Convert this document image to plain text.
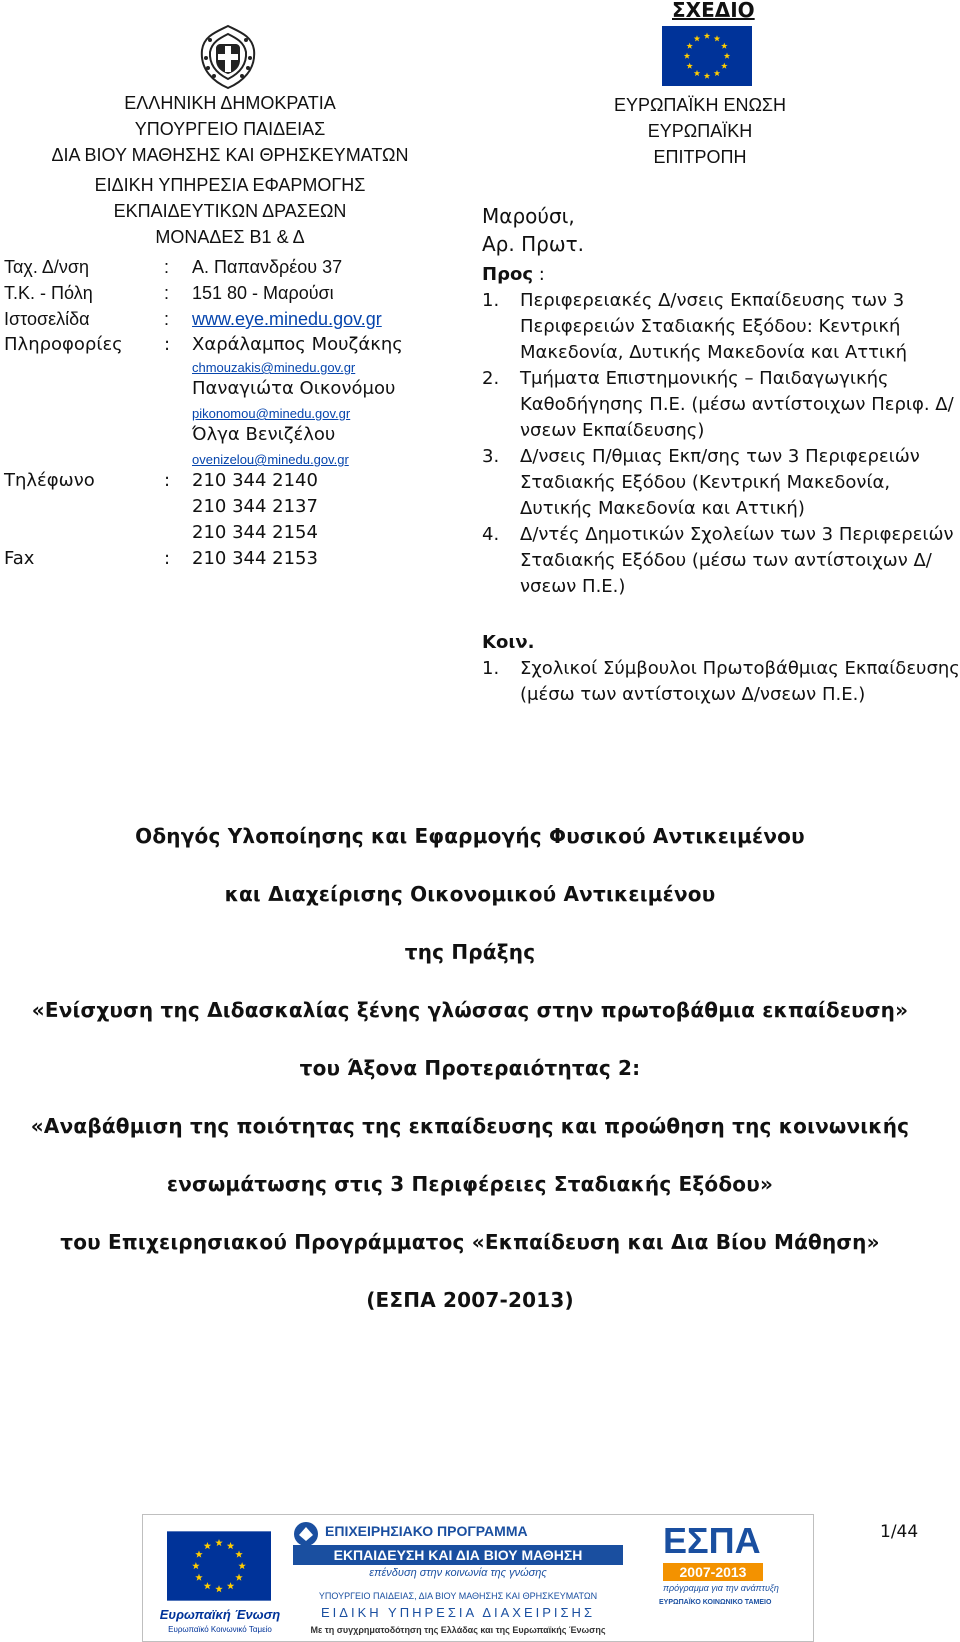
ΣΧΕΔΙΟ
ΕΛΛΗΝΙΚΗ ΔΗΜΟΚΡΑΤΙΑ
ΥΠΟΥΡΓΕΙΟ ΠΑΙΔΕΙΑΣ
ΔΙΑ ΒΙΟΥ ΜΑΘΗΣΗΣ ΚΑΙ ΘΡΗΣΚΕΥΜΑΤΩΝ
ΕΙΔΙΚΗ ΥΠΗΡΕΣΙΑ ΕΦΑΡΜΟΓΗΣ
ΕΚΠΑΙΔΕΥΤΙΚΩΝ ΔΡΑΣΕΩΝ
ΜΟΝΑΔΕΣ Β1 & Δ
Ταχ. Δ/νση	: Α. Παπανδρέου 37
Τ.Κ. - Πόλη	: 151 80 - Μαρούσι
Ιστοσελίδα	: www.eye.minedu.gov.gr
Πληροφορίες : Χαράλαμπος Μουζάκης
chmouzakis@minedu.gov.gr
Παναγιώτα Οικονόμου
pikonomou@minedu.gov.gr
Όλγα Βενιζέλου
ovenizelou@minedu.gov.gr
Τηλέφωνο	: 210 344 2140
210 344 2137
210 344 2154
Fax	: 210 344 2153
ΕΥΡΩΠΑΪΚΗ ΕΝΩΣΗ
ΕΥΡΩΠΑΪΚΗ ΕΠΙΤΡΟΠΗ
Μαρούσι,
Αρ. Πρωτ.
Προς :
1. Περιφερειακές Δ/νσεις Εκπαίδευσης των 3 Περιφερειών Σταδιακής Εξόδου: Κεντρική Μακεδονία, Δυτικής Μακεδονία και Αττική
2. Τμήματα Επιστημονικής – Παιδαγωγικής Καθοδήγησης Π.Ε. (μέσω αντίστοιχων Περιφ. Δ/νσεων Εκπαίδευσης)
3. Δ/νσεις Π/θμιας Εκπ/σης των 3 Περιφερειών Σταδιακής Εξόδου (Κεντρική Μακεδονία, Δυτικής Μακεδονία και Αττική)
4. Δ/ντές Δημοτικών Σχολείων των 3 Περιφερειών Σταδιακής Εξόδου (μέσω των αντίστοιχων Δ/νσεων Π.Ε.)
Κοιν.
1. Σχολικοί Σύμβουλοι Πρωτοβάθμιας Εκπαίδευσης (μέσω των αντίστοιχων Δ/νσεων Π.Ε.)
Οδηγός Υλοποίησης και Εφαρμογής Φυσικού Αντικειμένου
και Διαχείρισης Οικονομικού Αντικειμένου
της Πράξης
«Ενίσχυση της Διδασκαλίας ξένης γλώσσας στην πρωτοβάθμια εκπαίδευση»
του Άξονα Προτεραιότητας 2:
«Αναβάθμιση της ποιότητας της εκπαίδευσης και προώθηση της κοινωνικής
ενσωμάτωσης στις 3 Περιφέρειες Σταδιακής Εξόδου»
του Επιχειρησιακού Προγράμματος «Εκπαίδευση και Δια Βίου Μάθηση»
(ΕΣΠΑ 2007-2013)
Ευρωπαϊκή Ένωση
Ευρωπαϊκό Κοινωνικό Ταμείο
ΕΠΙΧΕΙΡΗΣΙΑΚΟ ΠΡΟΓΡΑΜΜΑ
ΕΚΠΑΙΔΕΥΣΗ ΚΑΙ ΔΙΑ ΒΙΟΥ ΜΑΘΗΣΗ
επένδυση στην κοινωνία της γνώσης
ΥΠΟΥΡΓΕΙΟ ΠΑΙΔΕΙΑΣ, ΔΙΑ ΒΙΟΥ ΜΑΘΗΣΗΣ ΚΑΙ ΘΡΗΣΚΕΥΜΑΤΩΝ
ΕΙΔΙΚΗ ΥΠΗΡΕΣΙΑ ΔΙΑΧΕΙΡΙΣΗΣ
Με τη συγχρηματοδότηση της Ελλάδας και της Ευρωπαϊκής Ένωσης
ΕΣΠΑ
2007-2013
πρόγραμμα για την ανάπτυξη
ΕΥΡΩΠΑΪΚΟ ΚΟΙΝΩΝΙΚΟ ΤΑΜΕΙΟ
1/44
